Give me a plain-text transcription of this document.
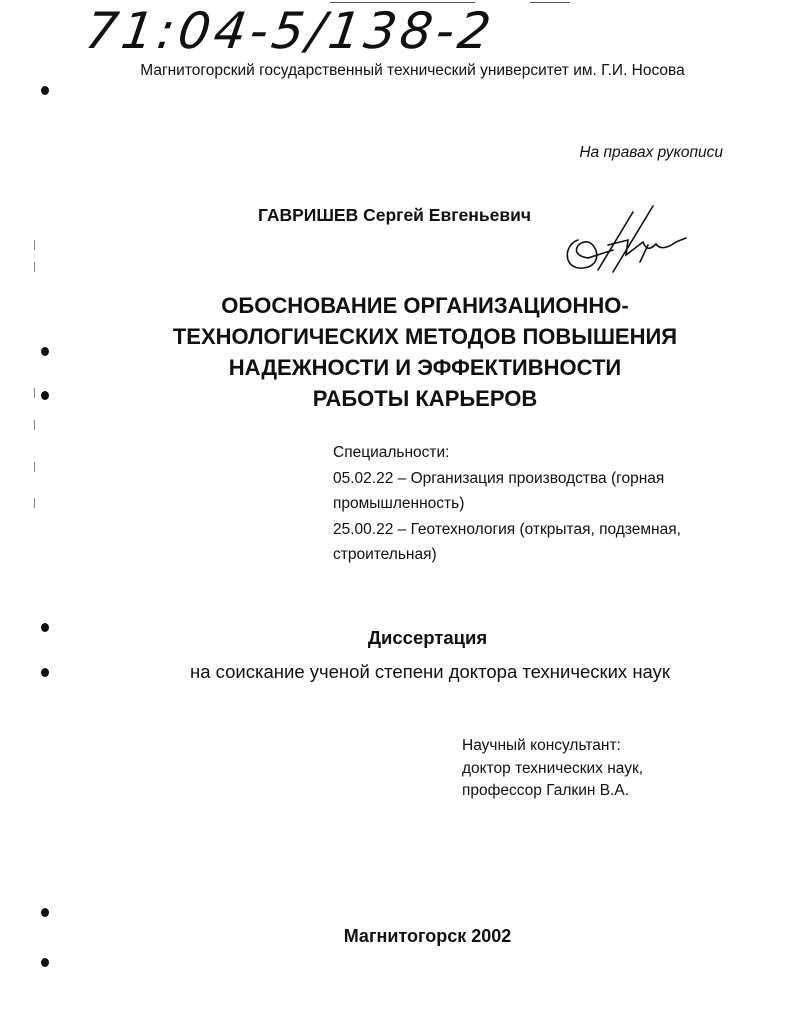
71:04-5/138-2
Магнитогорский государственный технический университет им. Г.И. Носова
На правах рукописи
ГАВРИШЕВ Сергей Евгеньевич
ОБОСНОВАНИЕ ОРГАНИЗАЦИОННО-
ТЕХНОЛОГИЧЕСКИХ МЕТОДОВ ПОВЫШЕНИЯ
НАДЕЖНОСТИ И ЭФФЕКТИВНОСТИ
РАБОТЫ КАРЬЕРОВ
Специальности:
05.02.22 – Организация производства (горная
промышленность)
25.00.22 – Геотехнология (открытая, подземная,
строительная)
Диссертация
на соискание ученой степени доктора технических наук
Научный консультант:
доктор технических наук,
профессор Галкин В.А.
Магнитогорск 2002
